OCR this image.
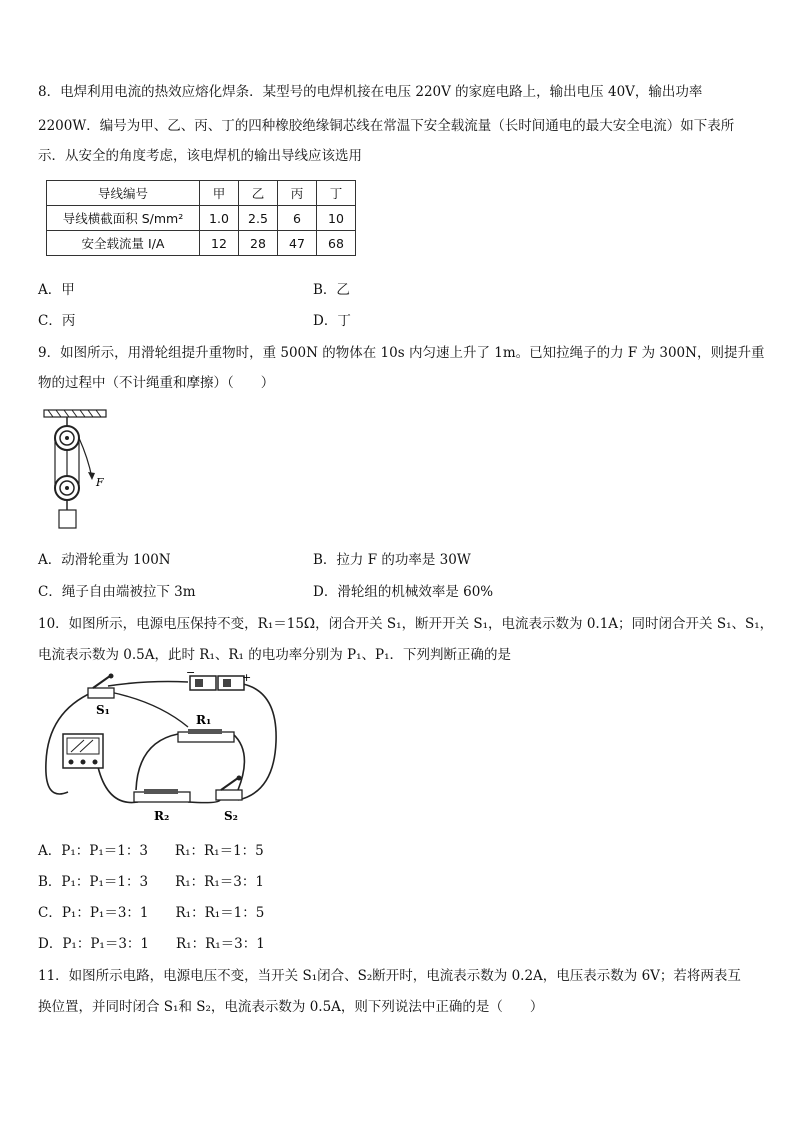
8．电焊利用电流的热效应熔化焊条．某型号的电焊机接在电压 220V 的家庭电路上，输出电压 40V，输出功率
2200W．编号为甲、乙、丙、丁的四种橡胶绝缘铜芯线在常温下安全载流量（长时间通电的最大安全电流）如下表所
示．从安全的角度考虑，该电焊机的输出导线应该选用
导线编号	甲	乙	丙	丁
导线横截面积 S/mm²	1.0	2.5	6	10
安全载流量 I/A	12	28	47	68
A．甲	B．乙
C．丙	D．丁
9．如图所示，用滑轮组提升重物时，重 500N 的物体在 10s 内匀速上升了 1m。已知拉绳子的力 F 为 300N，则提升重
物的过程中（不计绳重和摩擦）（　　）
F
A．动滑轮重为 100N	B．拉力 F 的功率是 30W
C．绳子自由端被拉下 3m	D．滑轮组的机械效率是 60%
10．如图所示，电源电压保持不变，R₁＝15Ω，闭合开关 S₁，断开开关 S₁，电流表示数为 0.1A；同时闭合开关 S₁、S₁，
电流表示数为 0.5A，此时 R₁、R₁ 的电功率分别为 P₁、P₁．下列判断正确的是
−	+
S₁
R₁
R₂	S₂
A．P₁：P₁＝1：3　　R₁：R₁＝1：5
B．P₁：P₁＝1：3　　R₁：R₁＝3：1
C．P₁：P₁＝3：1　　R₁：R₁＝1：5
D．P₁：P₁＝3：1　　R₁：R₁＝3：1
11．如图所示电路，电源电压不变，当开关 S₁闭合、S₂断开时，电流表示数为 0.2A，电压表示数为 6V；若将两表互
换位置，并同时闭合 S₁和 S₂，电流表示数为 0.5A，则下列说法中正确的是（　　）
